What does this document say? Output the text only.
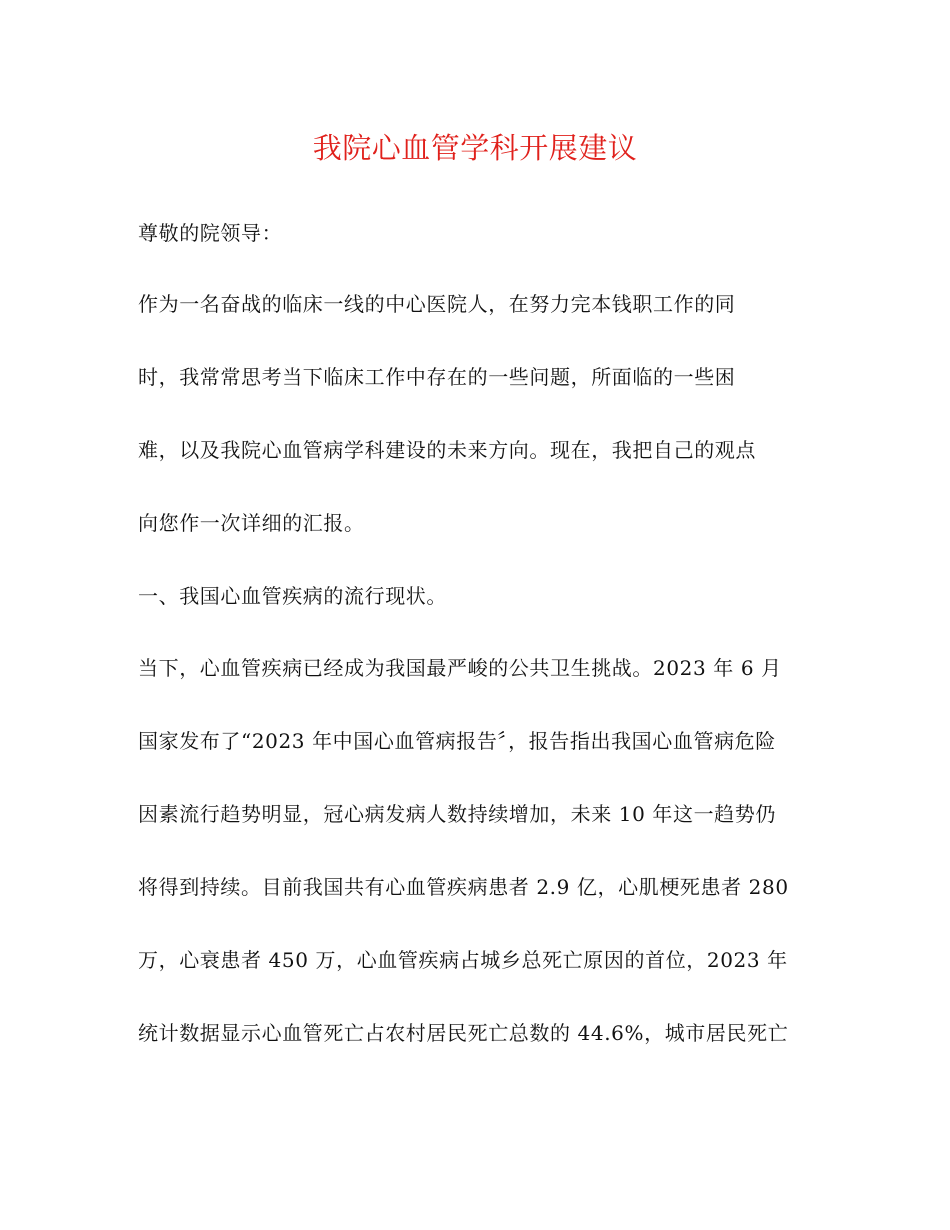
我院心血管学科开展建议
尊敬的院领导：
作为一名奋战的临床一线的中心医院人，在努力完本钱职工作的同
时，我常常思考当下临床工作中存在的一些问题，所面临的一些困
难，以及我院心血管病学科建设的未来方向。现在，我把自己的观点
向您作一次详细的汇报。
一、我国心血管疾病的流行现状。
当下，心血管疾病已经成为我国最严峻的公共卫生挑战。2023 年 6 月
国家发布了“2023 年中国心血管病报告〞，报告指出我国心血管病危险
因素流行趋势明显，冠心病发病人数持续增加，未来 10 年这一趋势仍
将得到持续。目前我国共有心血管疾病患者 2.9 亿，心肌梗死患者 280
万，心衰患者 450 万，心血管疾病占城乡总死亡原因的首位，2023 年
统计数据显示心血管死亡占农村居民死亡总数的 44.6%，城市居民死亡
